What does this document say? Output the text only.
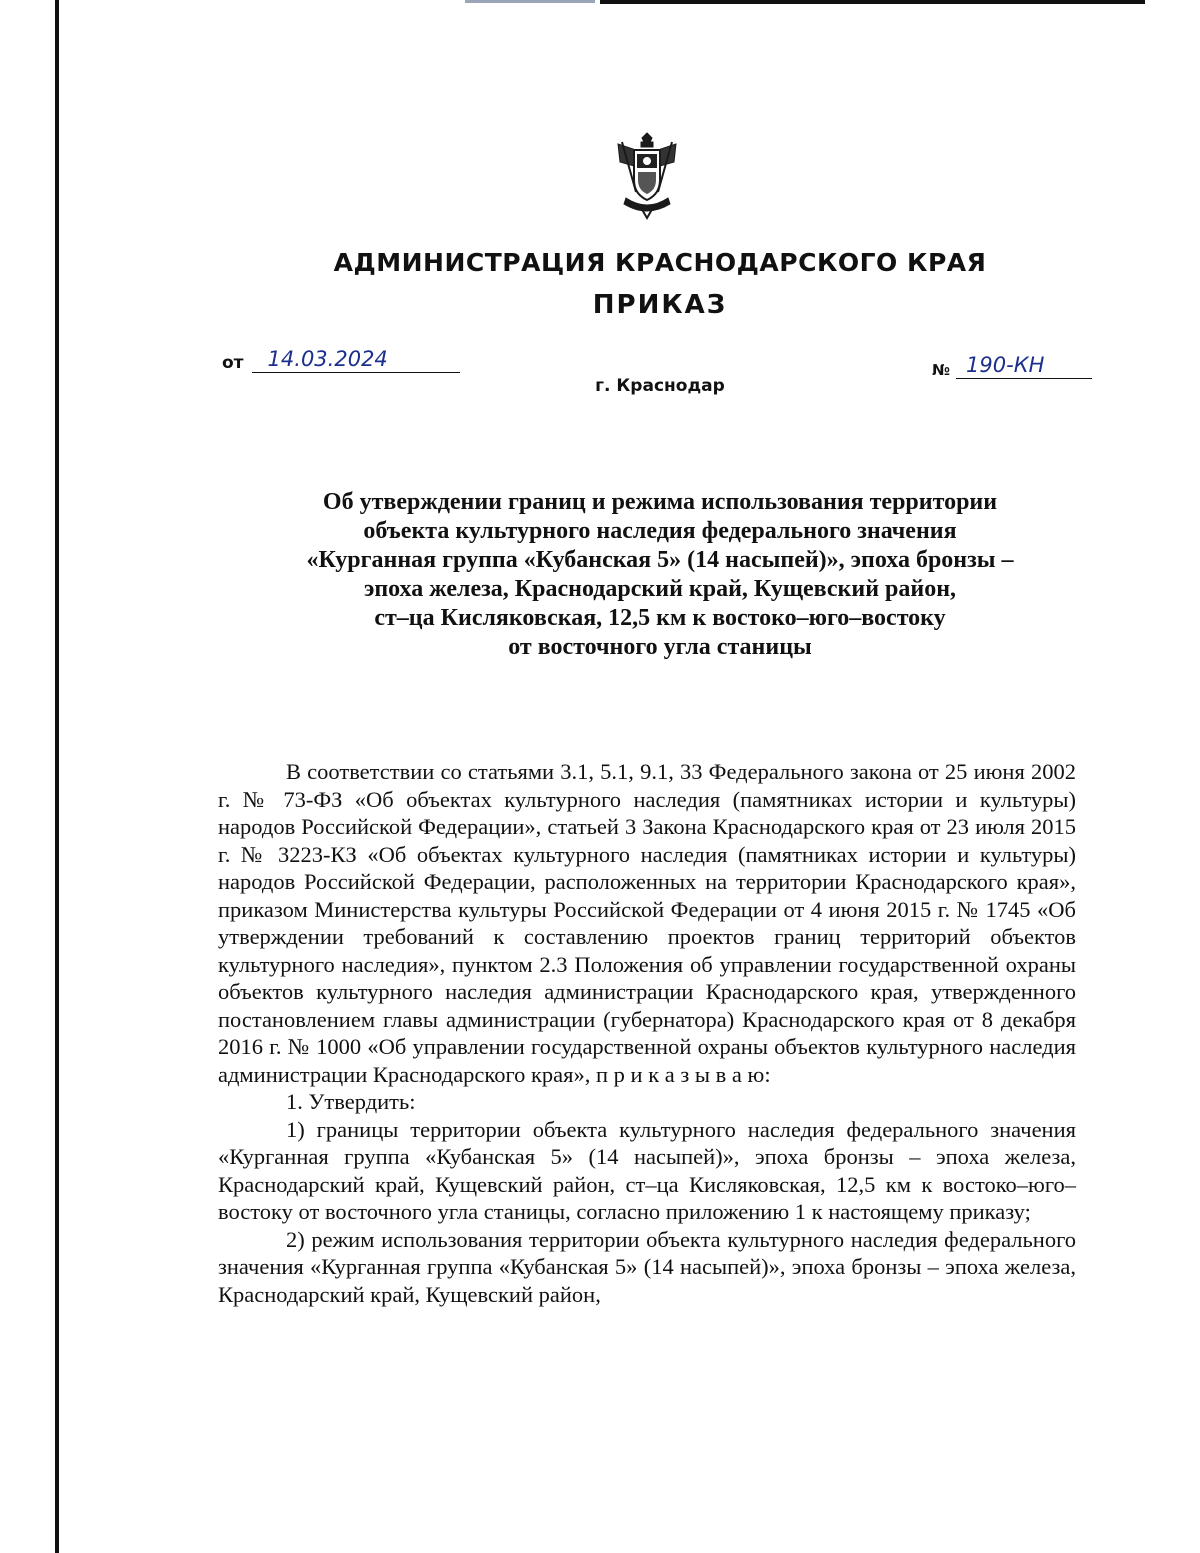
АДМИНИСТРАЦИЯ КРАСНОДАРСКОГО КРАЯ
ПРИКАЗ
от	14.03.2024	№ 190-КН
г. Краснодар
Об утверждении границ и режима использования территории
объекта культурного наследия федерального значения
«Курганная группа «Кубанская 5» (14 насыпей)», эпоха бронзы –
эпоха железа, Краснодарский край, Кущевский район,
ст–ца Кисляковская, 12,5 км к востоко–юго–востоку
от восточного угла станицы

В соответствии со статьями 3.1, 5.1, 9.1, 33 Федерального закона от 25 июня 2002 г. № 73-ФЗ «Об объектах культурного наследия (памятниках истории и культуры) народов Российской Федерации», статьей 3 Закона Краснодарского края от 23 июля 2015 г. № 3223-КЗ «Об объектах культурного наследия (памятниках истории и культуры) народов Российской Федерации, расположенных на территории Краснодарского края», приказом Министерства культуры Российской Федерации от 4 июня 2015 г. № 1745 «Об утверждении требований к составлению проектов границ территорий объектов культурного наследия», пунктом 2.3 Положения об управлении государственной охраны объектов культурного наследия администрации Краснодарского края, утвержденного постановлением главы администрации (губернатора) Краснодарского края от 8 декабря 2016 г. № 1000 «Об управлении государственной охраны объектов культурного наследия администрации Краснодарского края», п р и к а з ы в а ю:

1. Утвердить:

1) границы территории объекта культурного наследия федерального значения «Курганная группа «Кубанская 5» (14 насыпей)», эпоха бронзы – эпоха железа, Краснодарский край, Кущевский район, ст–ца Кисляковская, 12,5 км к востоко–юго–востоку от восточного угла станицы, согласно приложению 1 к настоящему приказу;

2) режим использования территории объекта культурного наследия федерального значения «Курганная группа «Кубанская 5» (14 насыпей)», эпоха бронзы – эпоха железа, Краснодарский край, Кущевский район,
